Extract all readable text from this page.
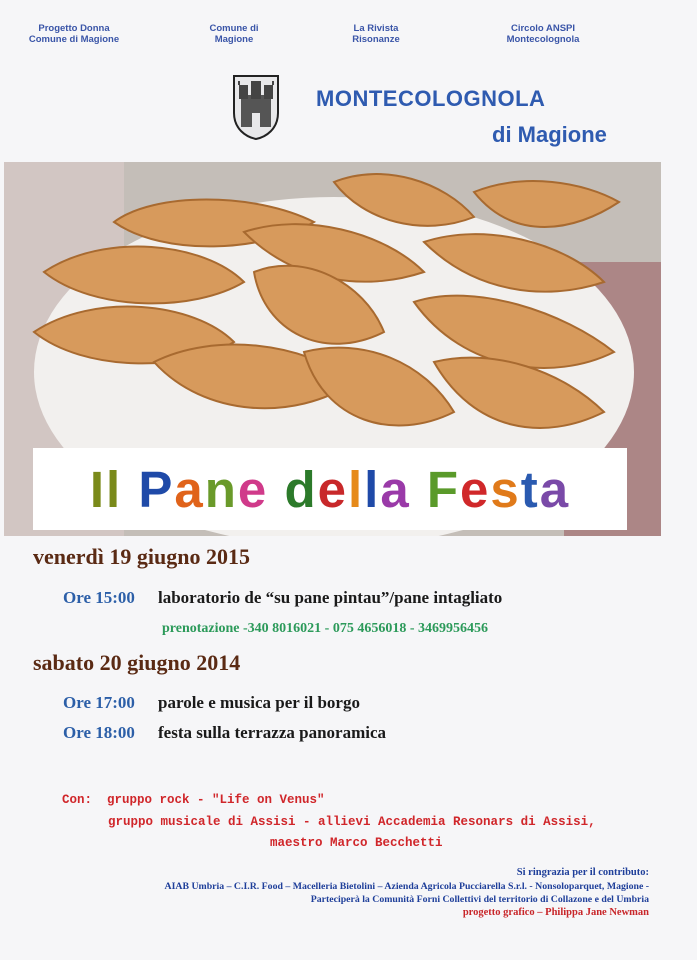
Progetto Donna
Comune di Magione
Comune di
Magione
La Rivista
Risonanze
Circolo ANSPI
Montecolognola
MONTECOLOGNOLA
di Magione
I l
P a n e
d e l l a
F e s t a
venerdì 19 giugno 2015
Ore 15:00 laboratorio de “su pane pintau”/pane intagliato
prenotazione -340 8016021 - 075 4656018 - 3469956456
sabato 20 giugno 2014
Ore 17:00 parole e musica per il borgo
Ore 18:00 festa sulla terrazza panoramica
Con:  gruppo rock - "Life on Venus"
gruppo musicale di Assisi - allievi Accademia Resonars di Assisi,
maestro Marco Becchetti
Si ringrazia per il contributo:
AIAB Umbria – C.I.R. Food – Macelleria Bietolini – Azienda Agricola Pucciarella S.r.l. - Nonsoloparquet, Magione -
Parteciperà la Comunità Forni Collettivi del territorio di Collazone e del Umbria
progetto grafico – Philippa Jane Newman
